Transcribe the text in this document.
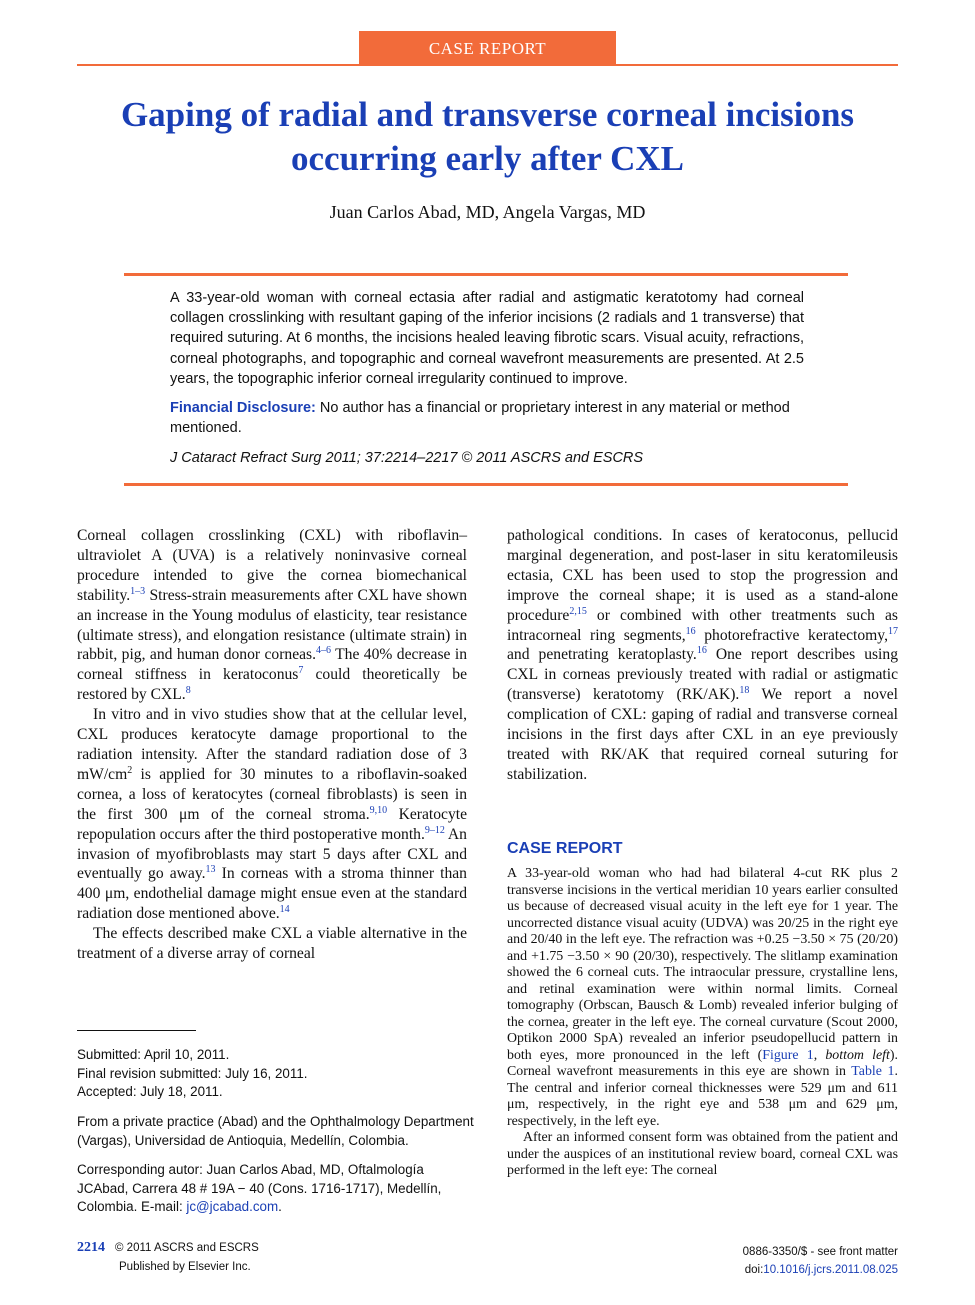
CASE REPORT
Gaping of radial and transverse corneal incisions occurring early after CXL
Juan Carlos Abad, MD, Angela Vargas, MD

A 33-year-old woman with corneal ectasia after radial and astigmatic keratotomy had corneal collagen crosslinking with resultant gaping of the inferior incisions (2 radials and 1 transverse) that required suturing. At 6 months, the incisions healed leaving fibrotic scars. Visual acuity, refractions, corneal photographs, and topographic and corneal wavefront measurements are presented. At 2.5 years, the topographic inferior corneal irregularity continued to improve.

Financial Disclosure: No author has a financial or proprietary interest in any material or method mentioned.

J Cataract Refract Surg 2011; 37:2214–2217 © 2011 ASCRS and ESCRS

Corneal collagen crosslinking (CXL) with riboflavin–ultraviolet A (UVA) is a relatively noninvasive corneal procedure intended to give the cornea biomechanical stability.$^{1-3}$ Stress-strain measurements after CXL have shown an increase in the Young modulus of elasticity, tear resistance (ultimate stress), and elongation resistance (ultimate strain) in rabbit, pig, and human donor corneas.$^{4-6}$ The 40% decrease in corneal stiffness in keratoconus$^7$ could theoretically be restored by CXL.$^8$

In vitro and in vivo studies show that at the cellular level, CXL produces keratocyte damage proportional to the radiation intensity. After the standard radiation dose of 3 $mW/cm^2$ is applied for 30 minutes to a riboflavin-soaked cornea, a loss of keratocytes (corneal fibroblasts) is seen in the first 300 μm of the corneal stroma.$^{9,10}$ Keratocyte repopulation occurs after the third postoperative month.$^{9-12}$ An invasion of myofibroblasts may start 5 days after CXL and eventually go away.$^{13}$ In corneas with a stroma thinner than 400 μm, endothelial damage might ensue even at the standard radiation dose mentioned above.$^{14}$

The effects described make CXL a viable alternative in the treatment of a diverse array of corneal

pathological conditions. In cases of keratoconus, pellucid marginal degeneration, and post-laser in situ keratomileusis ectasia, CXL has been used to stop the progression and improve the corneal shape; it is used as a stand-alone procedure$^{2,15}$ or combined with other treatments such as intracorneal ring segments,$^{16}$ photorefractive keratectomy,$^{17}$ and penetrating keratoplasty.$^{16}$ One report describes using CXL in corneas previously treated with radial or astigmatic (transverse) keratotomy (RK/AK).$^{18}$ We report a novel complication of CXL: gaping of radial and transverse corneal incisions in the first days after CXL in an eye previously treated with RK/AK that required corneal suturing for stabilization.

CASE REPORT

A 33-year-old woman who had had bilateral 4-cut RK plus 2 transverse incisions in the vertical meridian 10 years earlier consulted us because of decreased visual acuity in the left eye for 1 year. The uncorrected distance visual acuity (UDVA) was 20/25 in the right eye and 20/40 in the left eye. The refraction was +0.25 −3.50 × 75 (20/20) and +1.75 −3.50 × 90 (20/30), respectively. The slitlamp examination showed the 6 corneal cuts. The intraocular pressure, crystalline lens, and retinal examination were within normal limits. Corneal tomography (Orbscan, Bausch & Lomb) revealed inferior bulging of the cornea, greater in the left eye. The corneal curvature (Scout 2000, Optikon 2000 SpA) revealed an inferior pseudopellucid pattern in both eyes, more pronounced in the left (Figure 1, bottom left). Corneal wavefront measurements in this eye are shown in Table 1. The central and inferior corneal thicknesses were 529 μm and 611 μm, respectively, in the right eye and 538 μm and 629 μm, respectively, in the left eye.

After an informed consent form was obtained from the patient and under the auspices of an institutional review board, corneal CXL was performed in the left eye: The corneal

Submitted: April 10, 2011.

Final revision submitted: July 16, 2011.

Accepted: July 18, 2011.

From a private practice (Abad) and the Ophthalmology Department (Vargas), Universidad de Antioquia, Medellín, Colombia.

Corresponding autor: Juan Carlos Abad, MD, Oftalmología JCAbad, Carrera 48 # 19A − 40 (Cons. 1716-1717), Medellín, Colombia. E-mail: jc@jcabad.com.

2214 © 2011 ASCRS and ESCRS
Published by Elsevier Inc.
0886-3350/$ - see front matter
doi:10.1016/j.jcrs.2011.08.025
